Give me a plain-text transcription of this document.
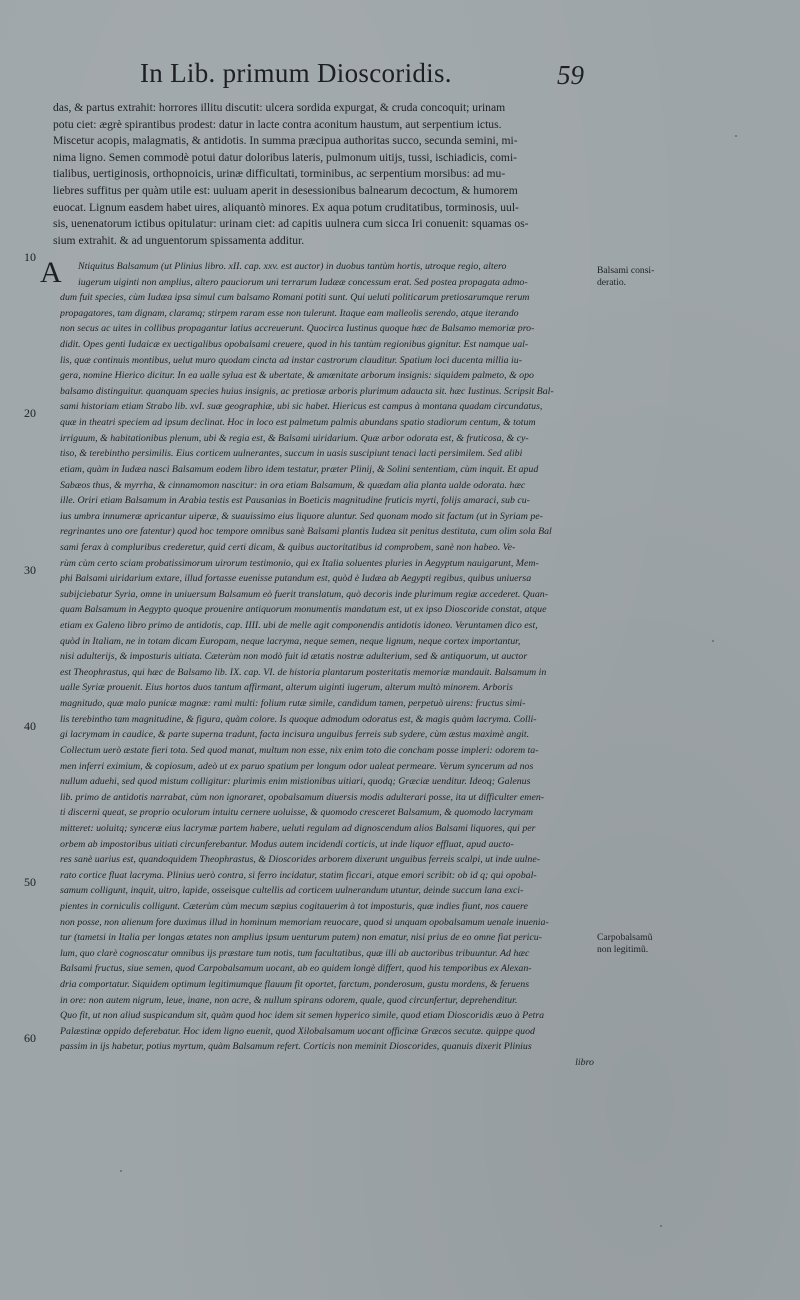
In Lib. primum Dioscoridis.	59
das, & partus extrahit: horrores illitu discutit: ulcera sordida expurgat, & cruda concoquit; urinam
potu ciet: ægrè spirantibus prodest: datur in lacte contra aconitum haustum, aut serpentium ictus.
Miscetur acopis, malagmatis, & antidotis. In summa præcipua authoritas succo, secunda semini, mi-
nima ligno. Semen commodè potui datur doloribus lateris, pulmonum uitijs, tussi, ischiadicis, comi-
tialibus, uertiginosis, orthopnoicis, urinæ difficultati, torminibus, ac serpentium morsibus: ad mu-
liebres suffitus per quàm utile est: uuluam aperit in desessionibus balnearum decoctum, & humorem
euocat. Lignum easdem habet uires, aliquantò minores. Ex aqua potum cruditatibus, torminosis, uul-
sis, uenenatorum ictibus opitulatur: urinam ciet: ad capitis uulnera cum sicca Iri conuenit: squamas os-
sium extrahit. & ad unguentorum spissamenta additur.
A
10
20
30
40
50
60
Balsami consi-
deratio.
Carpobalsamũ
non legitimũ.
Ntiquitus Balsamum (ut Plinius libro. xII. cap. xxv. est auctor) in duobus tantùm hortis, utroque regio, altero
iugerum uiginti non amplius, altero pauciorum uni terrarum Iudææ concessum erat. Sed postea propagata admo-
dum fuit species, cùm Iudæa ipsa simul cum balsamo Romani potiti sunt. Qui ueluti politicarum pretiosarumque rerum
propagatores, tam dignam, claramq; stirpem raram esse non tulerunt. Itaque eam malleolis serendo, atque iterando
non secus ac uites in collibus propagantur latius accreuerunt. Quocirca Iustinus quoque hæc de Balsamo memoriæ pro-
didit. Opes genti Iudaicæ ex uectigalibus opobalsami creuere, quod in his tantùm regionibus gignitur. Est namque ual-
lis, quæ continuis montibus, uelut muro quodam cincta ad instar castrorum clauditur. Spatium loci ducenta millia iu-
gera, nomine Hierico dicitur. In ea ualle sylua est & ubertate, & amœnitate arborum insignis: siquidem palmeto, & opo
balsamo distinguitur. quanquam species huius insignis, ac pretiosæ arboris plurimum adaucta sit. hæc Iustinus. Scripsit Bal-
sami historiam etiam Strabo lib. xvI. suæ geographiæ, ubi sic habet. Hiericus est campus à montana quadam circundatus,
quæ in theatri speciem ad ipsum declinat. Hoc in loco est palmetum palmis abundans spatio stadiorum centum, & totum
irriguum, & habitationibus plenum, ubi & regia est, & Balsami uiridarium. Quæ arbor odorata est, & fruticosa, & cy-
tiso, & terebintho persimilis. Eius corticem uulnerantes, succum in uasis suscipiunt tenaci lacti persimilem. Sed alibi
etiam, quàm in Iudæa nasci Balsamum eodem libro idem testatur, præter Plinij, & Solini sententiam, cùm inquit. Et apud
Sabæos thus, & myrrha, & cinnamomon nascitur: in ora etiam Balsamum, & quædam alia planta ualde odorata. hæc
ille. Oriri etiam Balsamum in Arabia testis est Pausanias in Boeticis magnitudine fruticis myrti, folijs amaraci, sub cu-
ius umbra innumeræ apricantur uiperæ, & suauissimo eius liquore aluntur. Sed quonam modo sit factum (ut in Syriam pe-
regrinantes uno ore fatentur) quod hoc tempore omnibus sanè Balsami plantis Iudæa sit penitus destituta, cum olim sola Bal
sami ferax à compluribus crederetur, quid certi dicam, & quibus auctoritatibus id comprobem, sanè non habeo. Ve-
rùm cùm certo sciam probatissimorum uirorum testimonio, qui ex Italia soluentes pluries in Aegyptum nauigarunt, Mem-
phi Balsami uiridarium extare, illud fortasse euenisse putandum est, quòd è Iudæa ab Aegypti regibus, quibus uniuersa
subijciebatur Syria, omne in uniuersum Balsamum eò fuerit translatum, quò decoris inde plurimum regiæ accederet. Quan-
quam Balsamum in Aegypto quoque prouenire antiquorum monumentis mandatum est, ut ex ipso Dioscoride constat, atque
etiam ex Galeno libro primo de antidotis, cap. IIII. ubi de melle agit componendis antidotis idoneo. Veruntamen dico est,
quòd in Italiam, ne in totam dicam Europam, neque lacryma, neque semen, neque lignum, neque cortex importantur,
nisi adulterijs, & imposturis uitiata. Cæterùm non modò fuit id ætatis nostræ adulterium, sed & antiquorum, ut auctor
est Theophrastus, qui hæc de Balsamo lib. IX. cap. VI. de historia plantarum posteritatis memoriæ mandauit. Balsamum in
ualle Syriæ prouenit. Eius hortos duos tantum affirmant, alterum uiginti iugerum, alterum multò minorem. Arboris
magnitudo, quæ malo punicæ magnæ: rami multi: folium rutæ simile, candidum tamen, perpetuò uirens: fructus simi-
lis terebintho tam magnitudine, & figura, quàm colore. Is quoque admodum odoratus est, & magis quàm lacryma. Colli-
gi lacrymam in caudice, & parte superna tradunt, facta incisura unguibus ferreis sub sydere, cùm æstus maximè angit.
Collectum uerò æstate fieri tota. Sed quod manat, multum non esse, nix enim toto die concham posse impleri: odorem ta-
men inferri eximium, & copiosum, adeò ut ex paruo spatium per longum odor ualeat permeare. Verum syncerum ad nos
nullum aduehi, sed quod mistum colligitur: plurimis enim mistionibus uitiari, quodq; Græciæ uenditur. Ideoq; Galenus
lib. primo de antidotis narrabat, cùm non ignoraret, opobalsamum diuersis modis adulterari posse, ita ut difficulter emen-
ti discerni queat, se proprio oculorum intuitu cernere uoluisse, & quomodo cresceret Balsamum, & quomodo lacrymam
mitteret: uoluitq; synceræ eius lacrymæ partem habere, ueluti regulam ad dignoscendum alios Balsami liquores, qui per
orbem ab impostoribus uitiati circunferebantur. Modus autem incidendi corticis, ut inde liquor effluat, apud aucto-
res sanè uarius est, quandoquidem Theophrastus, & Dioscorides arborem dixerunt unguibus ferreis scalpi, ut inde uulne-
rato cortice fluat lacryma. Plinius uerò contra, si ferro incidatur, statim ficcari, atque emori scribit: ob id q; qui opobal-
samum colligunt, inquit, uitro, lapide, osseisque cultellis ad corticem uulnerandum utuntur, deinde succum lana exci-
pientes in corniculis colligunt. Cæterùm cùm mecum sæpius cogitauerim à tot imposturis, quæ indies fiunt, nos cauere
non posse, non alienum fore duximus illud in hominum memoriam reuocare, quod si unquam opobalsamum uenale inuenia-
tur (tametsi in Italia per longas ætates non amplius ipsum uenturum putem) non ematur, nisi prius de eo omne fiat pericu-
lum, quo clarè cognoscatur omnibus ijs præstare tum notis, tum facultatibus, quæ illi ab auctoribus tribuuntur. Ad hæc
Balsami fructus, siue semen, quod Carpobalsamum uocant, ab eo quidem longè differt, quod his temporibus ex Alexan-
dria comportatur. Siquidem optimum legitimumque flauum fit oportet, farctum, ponderosum, gustu mordens, & feruens
in ore: non autem nigrum, leue, inane, non acre, & nullum spirans odorem, quale, quod circunfertur, deprehenditur.
Quo fit, ut non aliud suspicandum sit, quàm quod hoc idem sit semen hyperico simile, quod etiam Dioscoridis æuo à Petra
Palæstinæ oppido deferebatur. Hoc idem ligno euenit, quod Xilobalsamum uocant officinæ Græcos secutæ. quippe quod
passim in ijs habetur, potius myrtum, quàm Balsamum refert. Corticis non meminit Dioscorides, quanuis dixerit Plinius
libro
